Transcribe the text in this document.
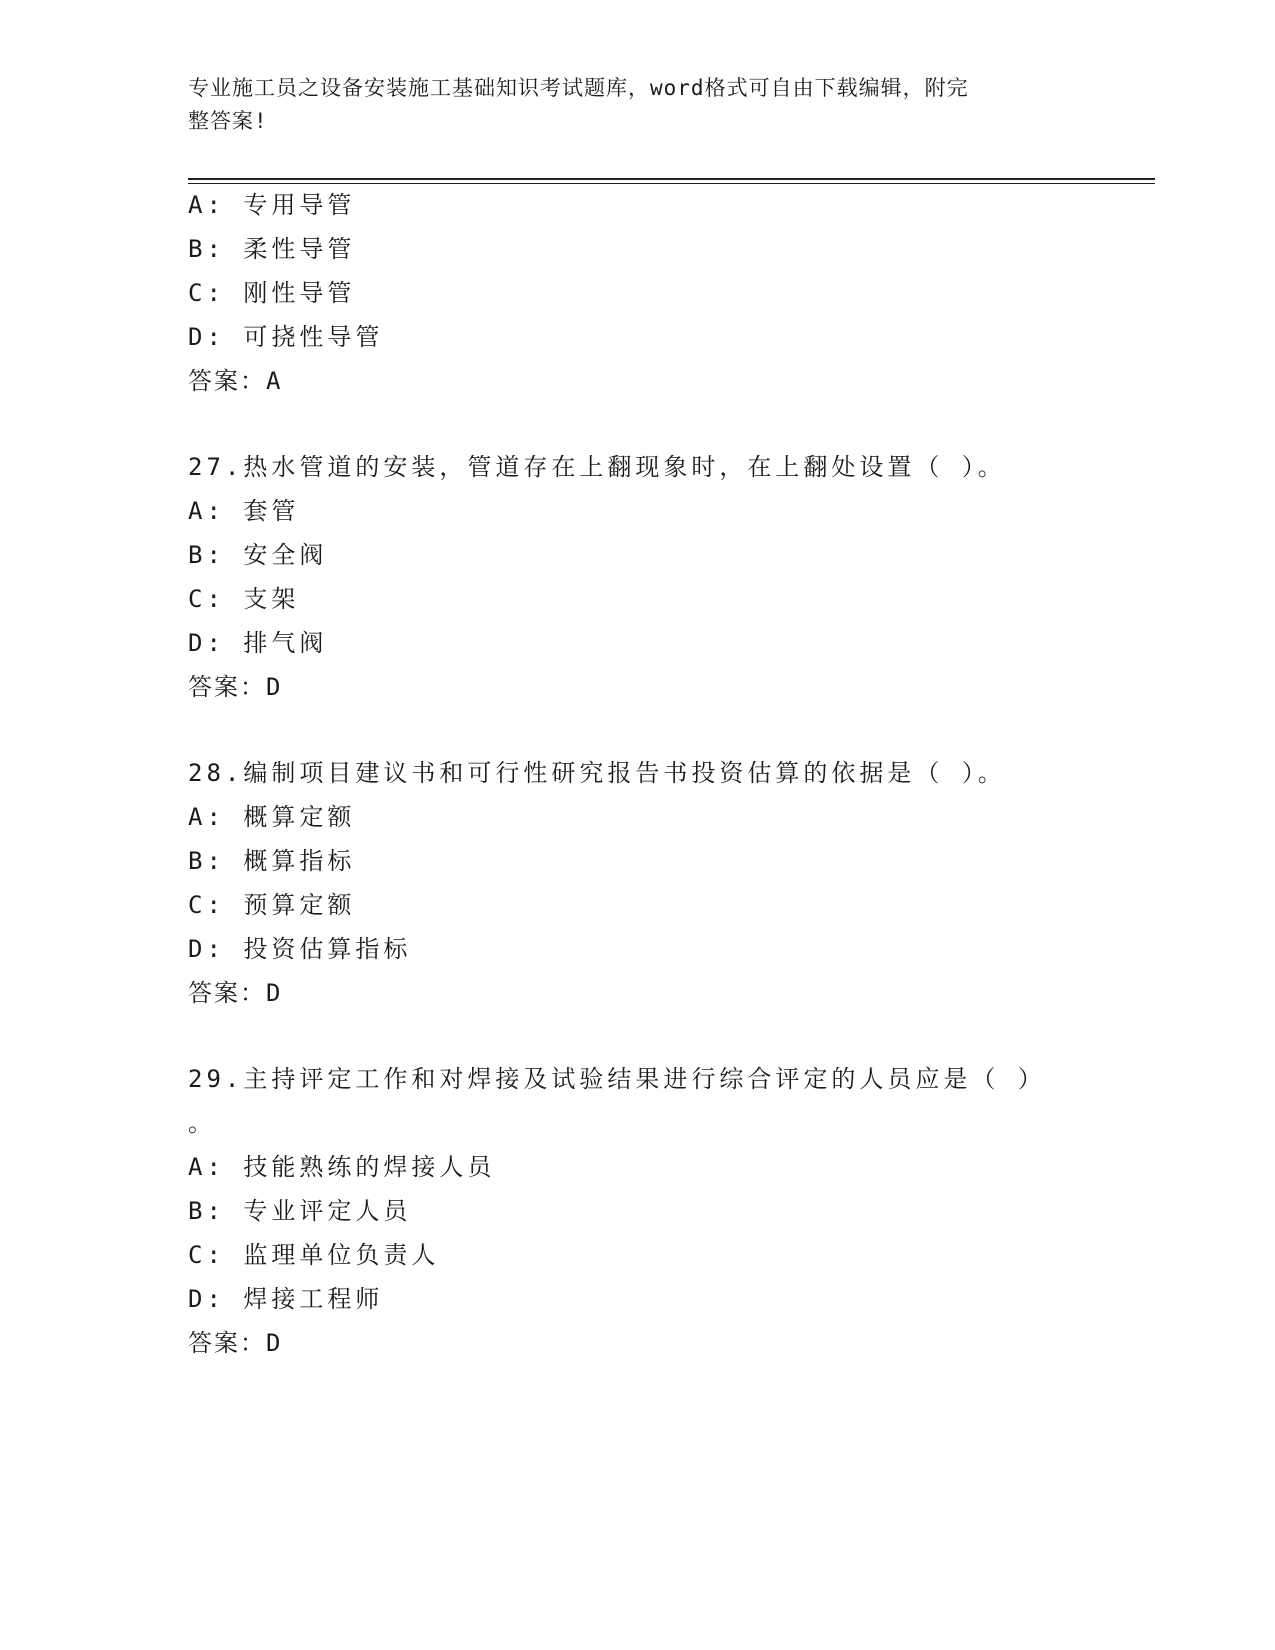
专业施工员之设备安装施工基础知识考试题库，word格式可自由下载编辑，附完
整答案!
A: 专用导管
B: 柔性导管
C: 刚性导管
D: 可挠性导管
答案：A
27.热水管道的安装，管道存在上翻现象时，在上翻处设置（ ）。
A: 套管
B: 安全阀
C: 支架
D: 排气阀
答案：D
28.编制项目建议书和可行性研究报告书投资估算的依据是（ ）。
A: 概算定额
B: 概算指标
C: 预算定额
D: 投资估算指标
答案：D
29.主持评定工作和对焊接及试验结果进行综合评定的人员应是（ ）
。
A: 技能熟练的焊接人员
B: 专业评定人员
C: 监理单位负责人
D: 焊接工程师
答案：D
